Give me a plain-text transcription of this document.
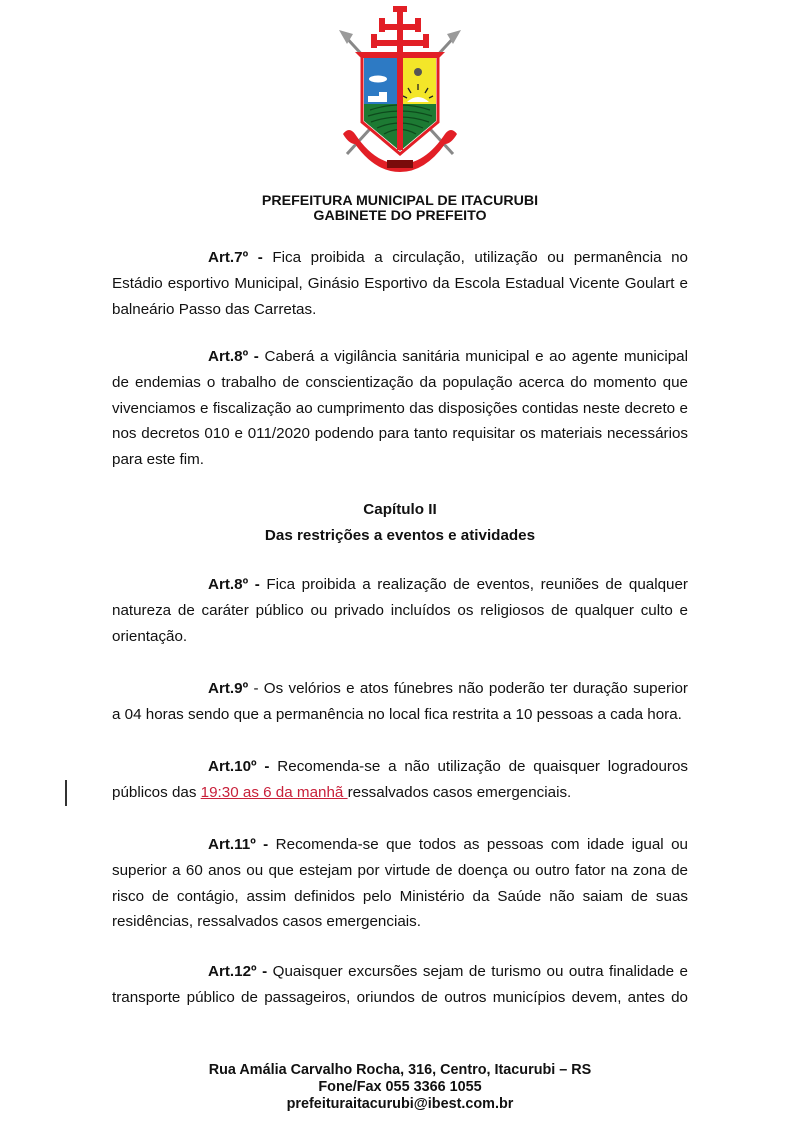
PREFEITURA MUNICIPAL DE ITACURUBI
GABINETE DO PREFEITO

Art.7º - Fica proibida a circulação, utilização ou permanência no Estádio esportivo Municipal, Ginásio Esportivo da Escola Estadual Vicente Goulart e balneário Passo das Carretas.

Art.8º - Caberá a vigilância sanitária municipal e ao agente municipal de endemias o trabalho de conscientização da população acerca do momento que vivenciamos e fiscalização ao cumprimento das disposições contidas neste decreto e nos decretos 010 e 011/2020 podendo para tanto requisitar os materiais necessários para este fim.

Capítulo II
Das restrições a eventos e atividades

Art.8º - Fica proibida a realização de eventos, reuniões de qualquer natureza de caráter público ou privado incluídos os religiosos de qualquer culto e orientação.

Art.9º - Os velórios e atos fúnebres não poderão ter duração superior a 04 horas sendo que a permanência no local fica restrita a 10 pessoas a cada hora.

Art.10º - Recomenda-se a não utilização de quaisquer logradouros públicos das 19:30 as 6 da manhã ressalvados casos emergenciais.

Art.11º - Recomenda-se que todos as pessoas com idade igual ou superior a 60 anos ou que estejam por virtude de doença ou outro fator na zona de risco de contágio, assim definidos pelo Ministério da Saúde não saiam de suas residências, ressalvados casos emergenciais.

Art.12º - Quaisquer excursões sejam de turismo ou outra finalidade e transporte público de passageiros, oriundos de outros municípios devem, antes do

Rua Amália Carvalho Rocha, 316, Centro, Itacurubi – RS
Fone/Fax 055 3366 1055
prefeituraitacurubi@ibest.com.br
